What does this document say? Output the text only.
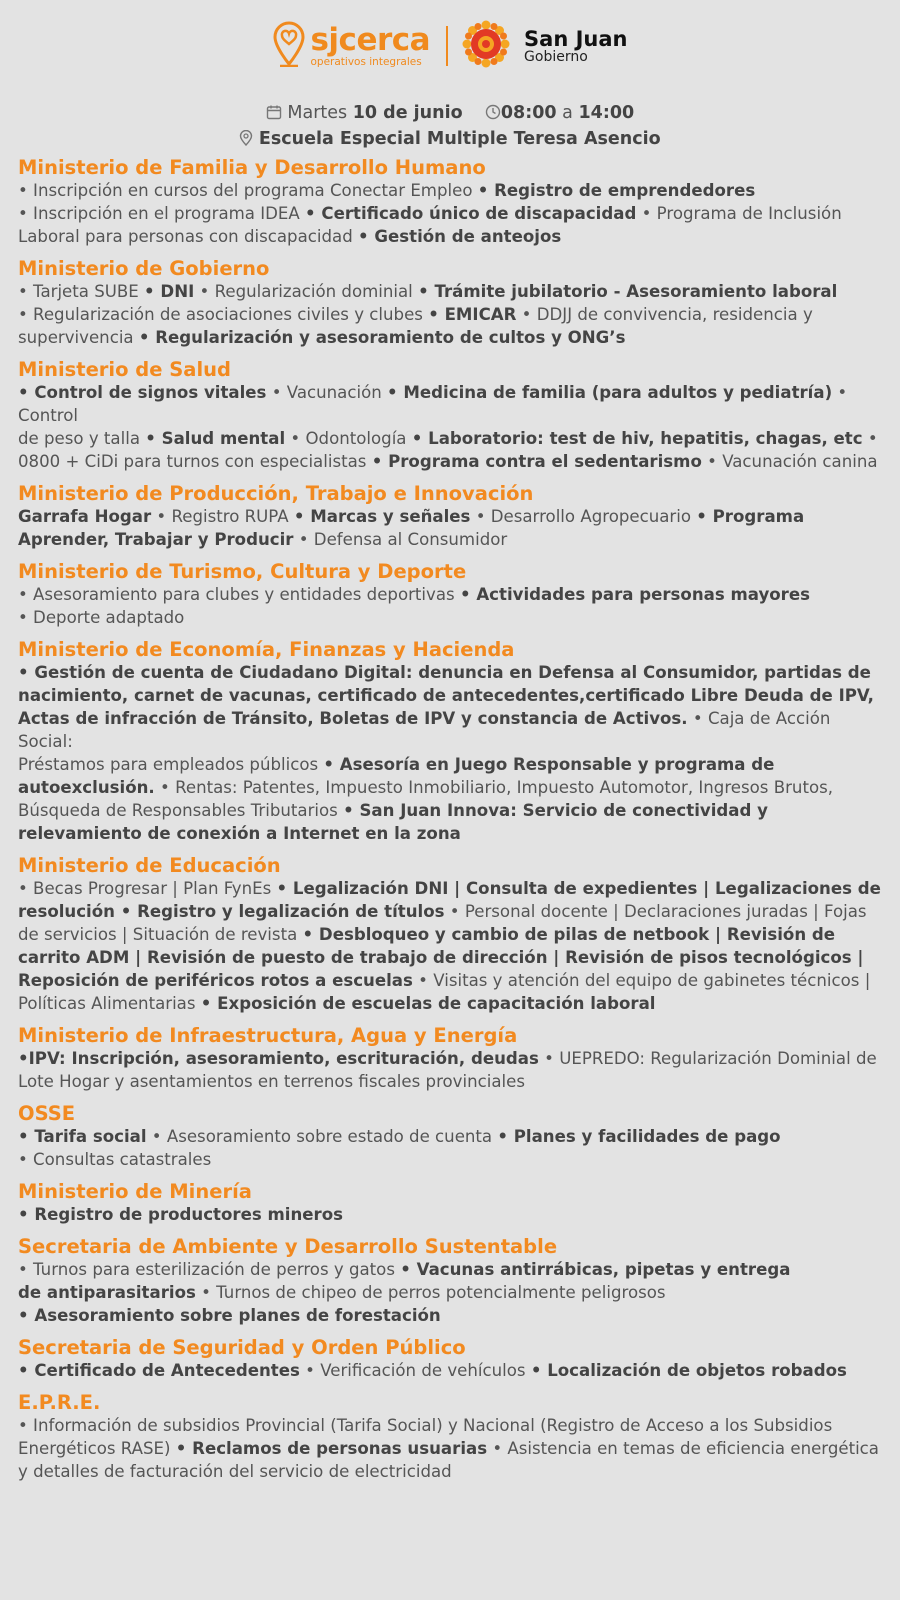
sjcerca
operativos integrales
San Juan
Gobierno
Martes 10 de junio 08:00 a 14:00
Escuela Especial Multiple Teresa Asencio
Ministerio de Familia y Desarrollo Humano
• Inscripción en cursos del programa Conectar Empleo • Registro de emprendedores
• Inscripción en el programa IDEA • Certificado único de discapacidad • Programa de Inclusión
Laboral para personas con discapacidad • Gestión de anteojos
Ministerio de Gobierno
• Tarjeta SUBE • DNI • Regularización dominial • Trámite jubilatorio - Asesoramiento laboral
• Regularización de asociaciones civiles y clubes • EMICAR • DDJJ de convivencia, residencia y
supervivencia • Regularización y asesoramiento de cultos y ONG’s
Ministerio de Salud
• Control de signos vitales • Vacunación • Medicina de familia (para adultos y pediatría) • Control
de peso y talla • Salud mental • Odontología • Laboratorio: test de hiv, hepatitis, chagas, etc •
0800 + CiDi para turnos con especialistas • Programa contra el sedentarismo • Vacunación canina
Ministerio de Producción, Trabajo e Innovación
Garrafa Hogar • Registro RUPA • Marcas y señales • Desarrollo Agropecuario • Programa
Aprender, Trabajar y Producir • Defensa al Consumidor
Ministerio de Turismo, Cultura y Deporte
• Asesoramiento para clubes y entidades deportivas • Actividades para personas mayores
• Deporte adaptado
Ministerio de Economía, Finanzas y Hacienda
• Gestión de cuenta de Ciudadano Digital: denuncia en Defensa al Consumidor, partidas de
nacimiento, carnet de vacunas, certificado de antecedentes,certificado Libre Deuda de IPV,
Actas de infracción de Tránsito, Boletas de IPV y constancia de Activos. • Caja de Acción Social:
Préstamos para empleados públicos • Asesoría en Juego Responsable y programa de
autoexclusión. • Rentas: Patentes, Impuesto Inmobiliario, Impuesto Automotor, Ingresos Brutos,
Búsqueda de Responsables Tributarios • San Juan Innova: Servicio de conectividad y
relevamiento de conexión a Internet en la zona
Ministerio de Educación
• Becas Progresar | Plan FynEs • Legalización DNI | Consulta de expedientes | Legalizaciones de
resolución • Registro y legalización de títulos • Personal docente | Declaraciones juradas | Fojas
de servicios | Situación de revista • Desbloqueo y cambio de pilas de netbook | Revisión de
carrito ADM | Revisión de puesto de trabajo de dirección | Revisión de pisos tecnológicos |
Reposición de periféricos rotos a escuelas • Visitas y atención del equipo de gabinetes técnicos |
Políticas Alimentarias • Exposición de escuelas de capacitación laboral
Ministerio de Infraestructura, Agua y Energía
•IPV: Inscripción, asesoramiento, escrituración, deudas • UEPREDO: Regularización Dominial de
Lote Hogar y asentamientos en terrenos fiscales provinciales
OSSE
• Tarifa social • Asesoramiento sobre estado de cuenta • Planes y facilidades de pago
• Consultas catastrales
Ministerio de Minería
• Registro de productores mineros
Secretaria de Ambiente y Desarrollo Sustentable
• Turnos para esterilización de perros y gatos • Vacunas antirrábicas, pipetas y entrega
de antiparasitarios • Turnos de chipeo de perros potencialmente peligrosos
• Asesoramiento sobre planes de forestación
Secretaria de Seguridad y Orden Público
• Certificado de Antecedentes • Verificación de vehículos • Localización de objetos robados
E.P.R.E.
• Información de subsidios Provincial (Tarifa Social) y Nacional (Registro de Acceso a los Subsidios
Energéticos RASE) • Reclamos de personas usuarias • Asistencia en temas de eficiencia energética
y detalles de facturación del servicio de electricidad
